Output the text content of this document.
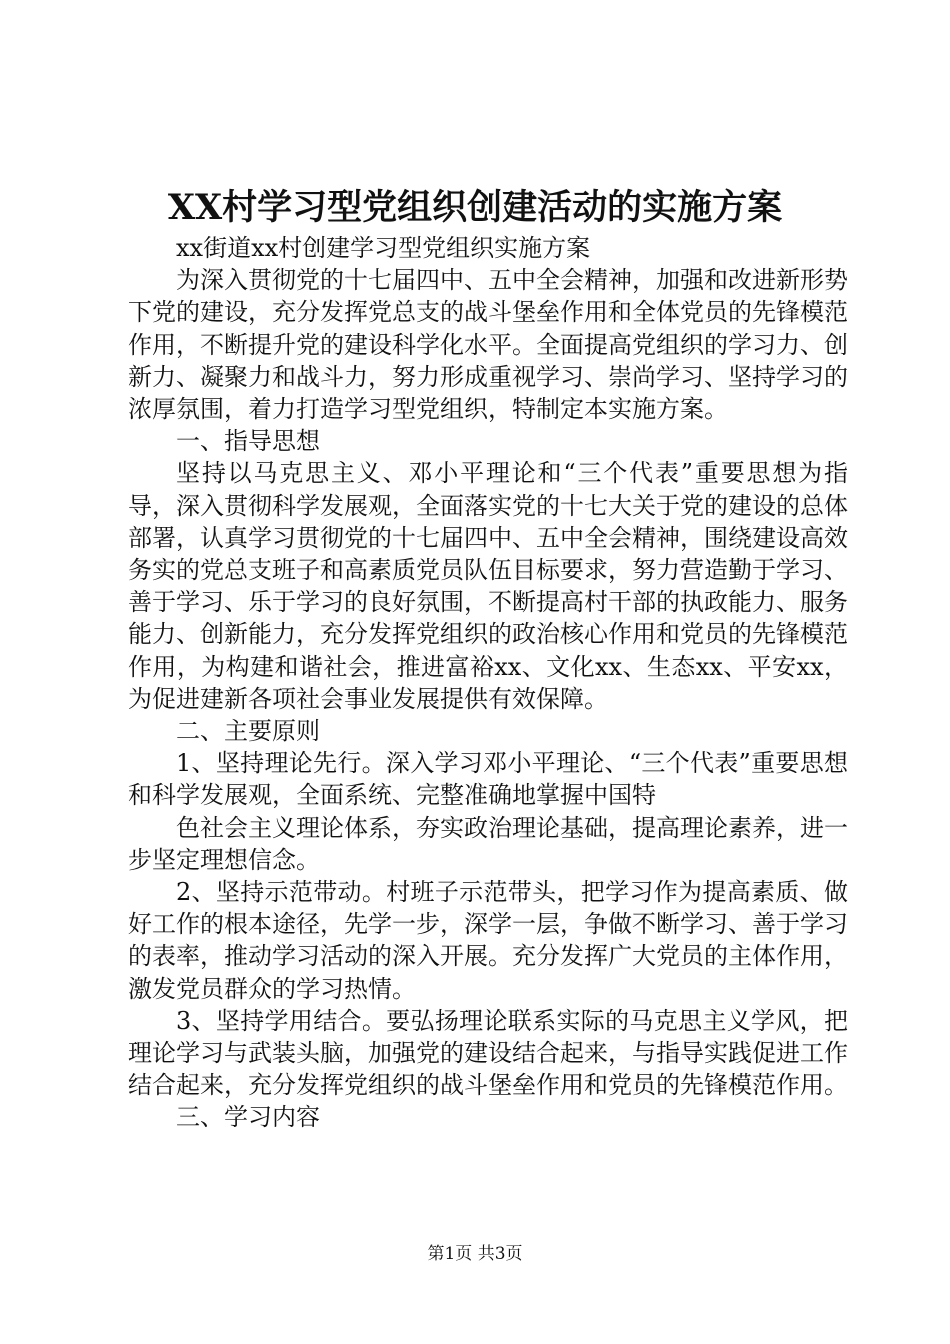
XX村学习型党组织创建活动的实施方案

xx街道xx村创建学习型党组织实施方案

为深入贯彻党的十七届四中、五中全会精神，加强和改进新形势下党的建设，充分发挥党总支的战斗堡垒作用和全体党员的先锋模范作用，不断提升党的建设科学化水平。全面提高党组织的学习力、创新力、凝聚力和战斗力，努力形成重视学习、崇尚学习、坚持学习的浓厚氛围，着力打造学习型党组织，特制定本实施方案。

一、指导思想

坚持以马克思主义、邓小平理论和“三个代表”重要思想为指导，深入贯彻科学发展观，全面落实党的十七大关于党的建设的总体部署，认真学习贯彻党的十七届四中、五中全会精神，围绕建设高效务实的党总支班子和高素质党员队伍目标要求，努力营造勤于学习、善于学习、乐于学习的良好氛围，不断提高村干部的执政能力、服务能力、创新能力，充分发挥党组织的政治核心作用和党员的先锋模范作用，为构建和谐社会，推进富裕xx、文化xx、生态xx、平安xx，为促进建新各项社会事业发展提供有效保障。

二、主要原则

1、坚持理论先行。深入学习邓小平理论、“三个代表”重要思想和科学发展观，全面系统、完整准确地掌握中国特

色社会主义理论体系，夯实政治理论基础，提高理论素养，进一步坚定理想信念。

2、坚持示范带动。村班子示范带头，把学习作为提高素质、做好工作的根本途径，先学一步，深学一层，争做不断学习、善于学习的表率，推动学习活动的深入开展。充分发挥广大党员的主体作用，激发党员群众的学习热情。

3、坚持学用结合。要弘扬理论联系实际的马克思主义学风，把理论学习与武装头脑，加强党的建设结合起来，与指导实践促进工作结合起来，充分发挥党组织的战斗堡垒作用和党员的先锋模范作用。

三、学习内容

第1页 共3页
